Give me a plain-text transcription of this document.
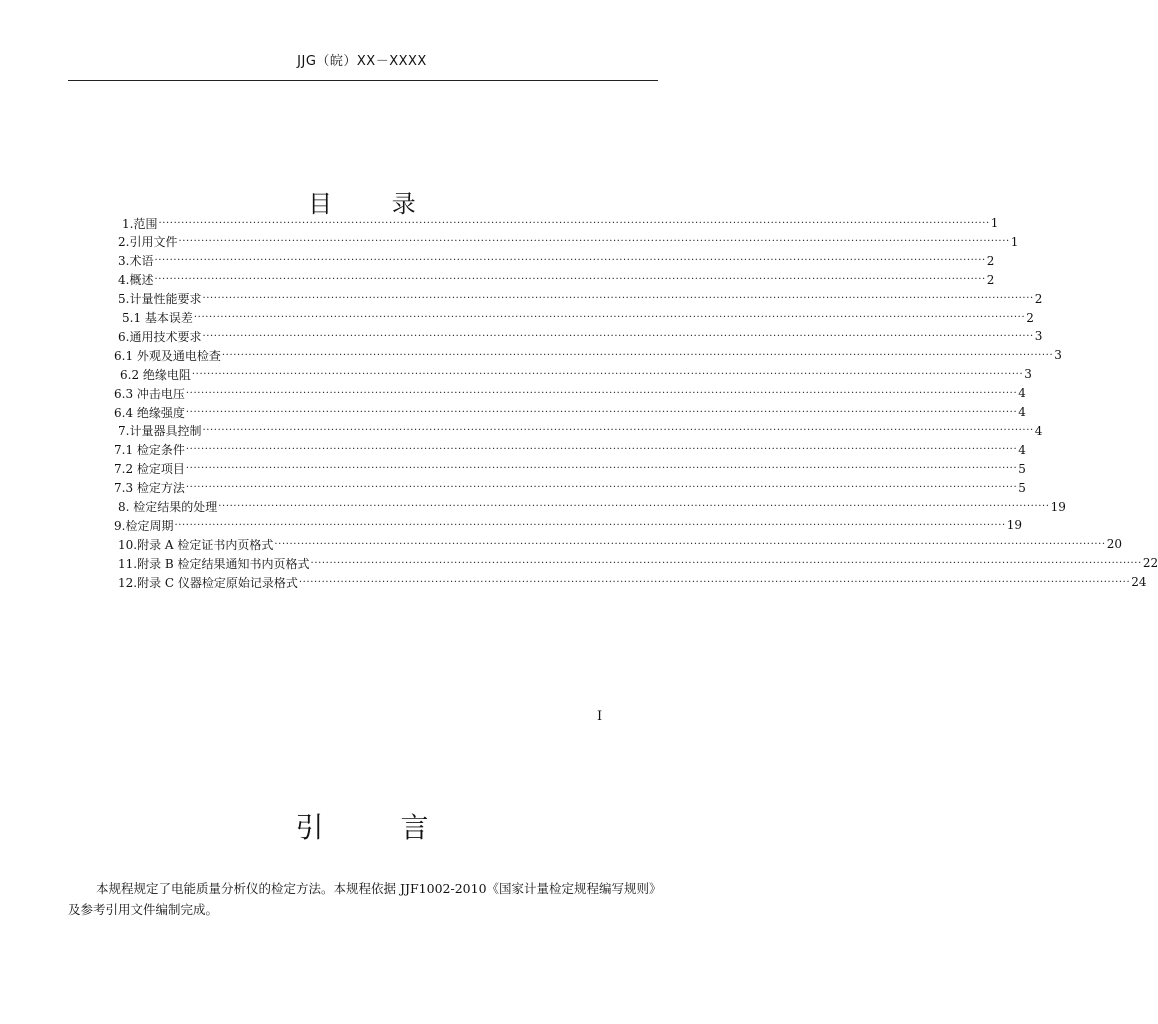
JJG（皖）XX－XXXX
目 录
1.范围 ···························································································································································································································· 1
2.引用文件 ···························································································································································································································· 1
3.术语 ···························································································································································································································· 2
4.概述 ···························································································································································································································· 2
5.计量性能要求 ···························································································································································································································· 2
5.1 基本误差 ···························································································································································································································· 2
6.通用技术要求 ···························································································································································································································· 3
6.1 外观及通电检查 ···························································································································································································································· 3
6.2 绝缘电阻 ···························································································································································································································· 3
6.3 冲击电压 ···························································································································································································································· 4
6.4 绝缘强度 ···························································································································································································································· 4
7.计量器具控制 ···························································································································································································································· 4
7.1 检定条件 ···························································································································································································································· 4
7.2 检定项目 ···························································································································································································································· 5
7.3 检定方法 ···························································································································································································································· 5
8. 检定结果的处理 ···························································································································································································································· 19
9.检定周期 ···························································································································································································································· 19
10.附录 A 检定证书内页格式 ···························································································································································································································· 20
11.附录 B 检定结果通知书内页格式 ···························································································································································································································· 22
12.附录 C 仪器检定原始记录格式 ···························································································································································································································· 24
I
引 言
本规程规定了电能质量分析仪的检定方法。本规程依据 JJF1002-2010《国家计量检定规程编写规则》及参考引用文件编制完成。
